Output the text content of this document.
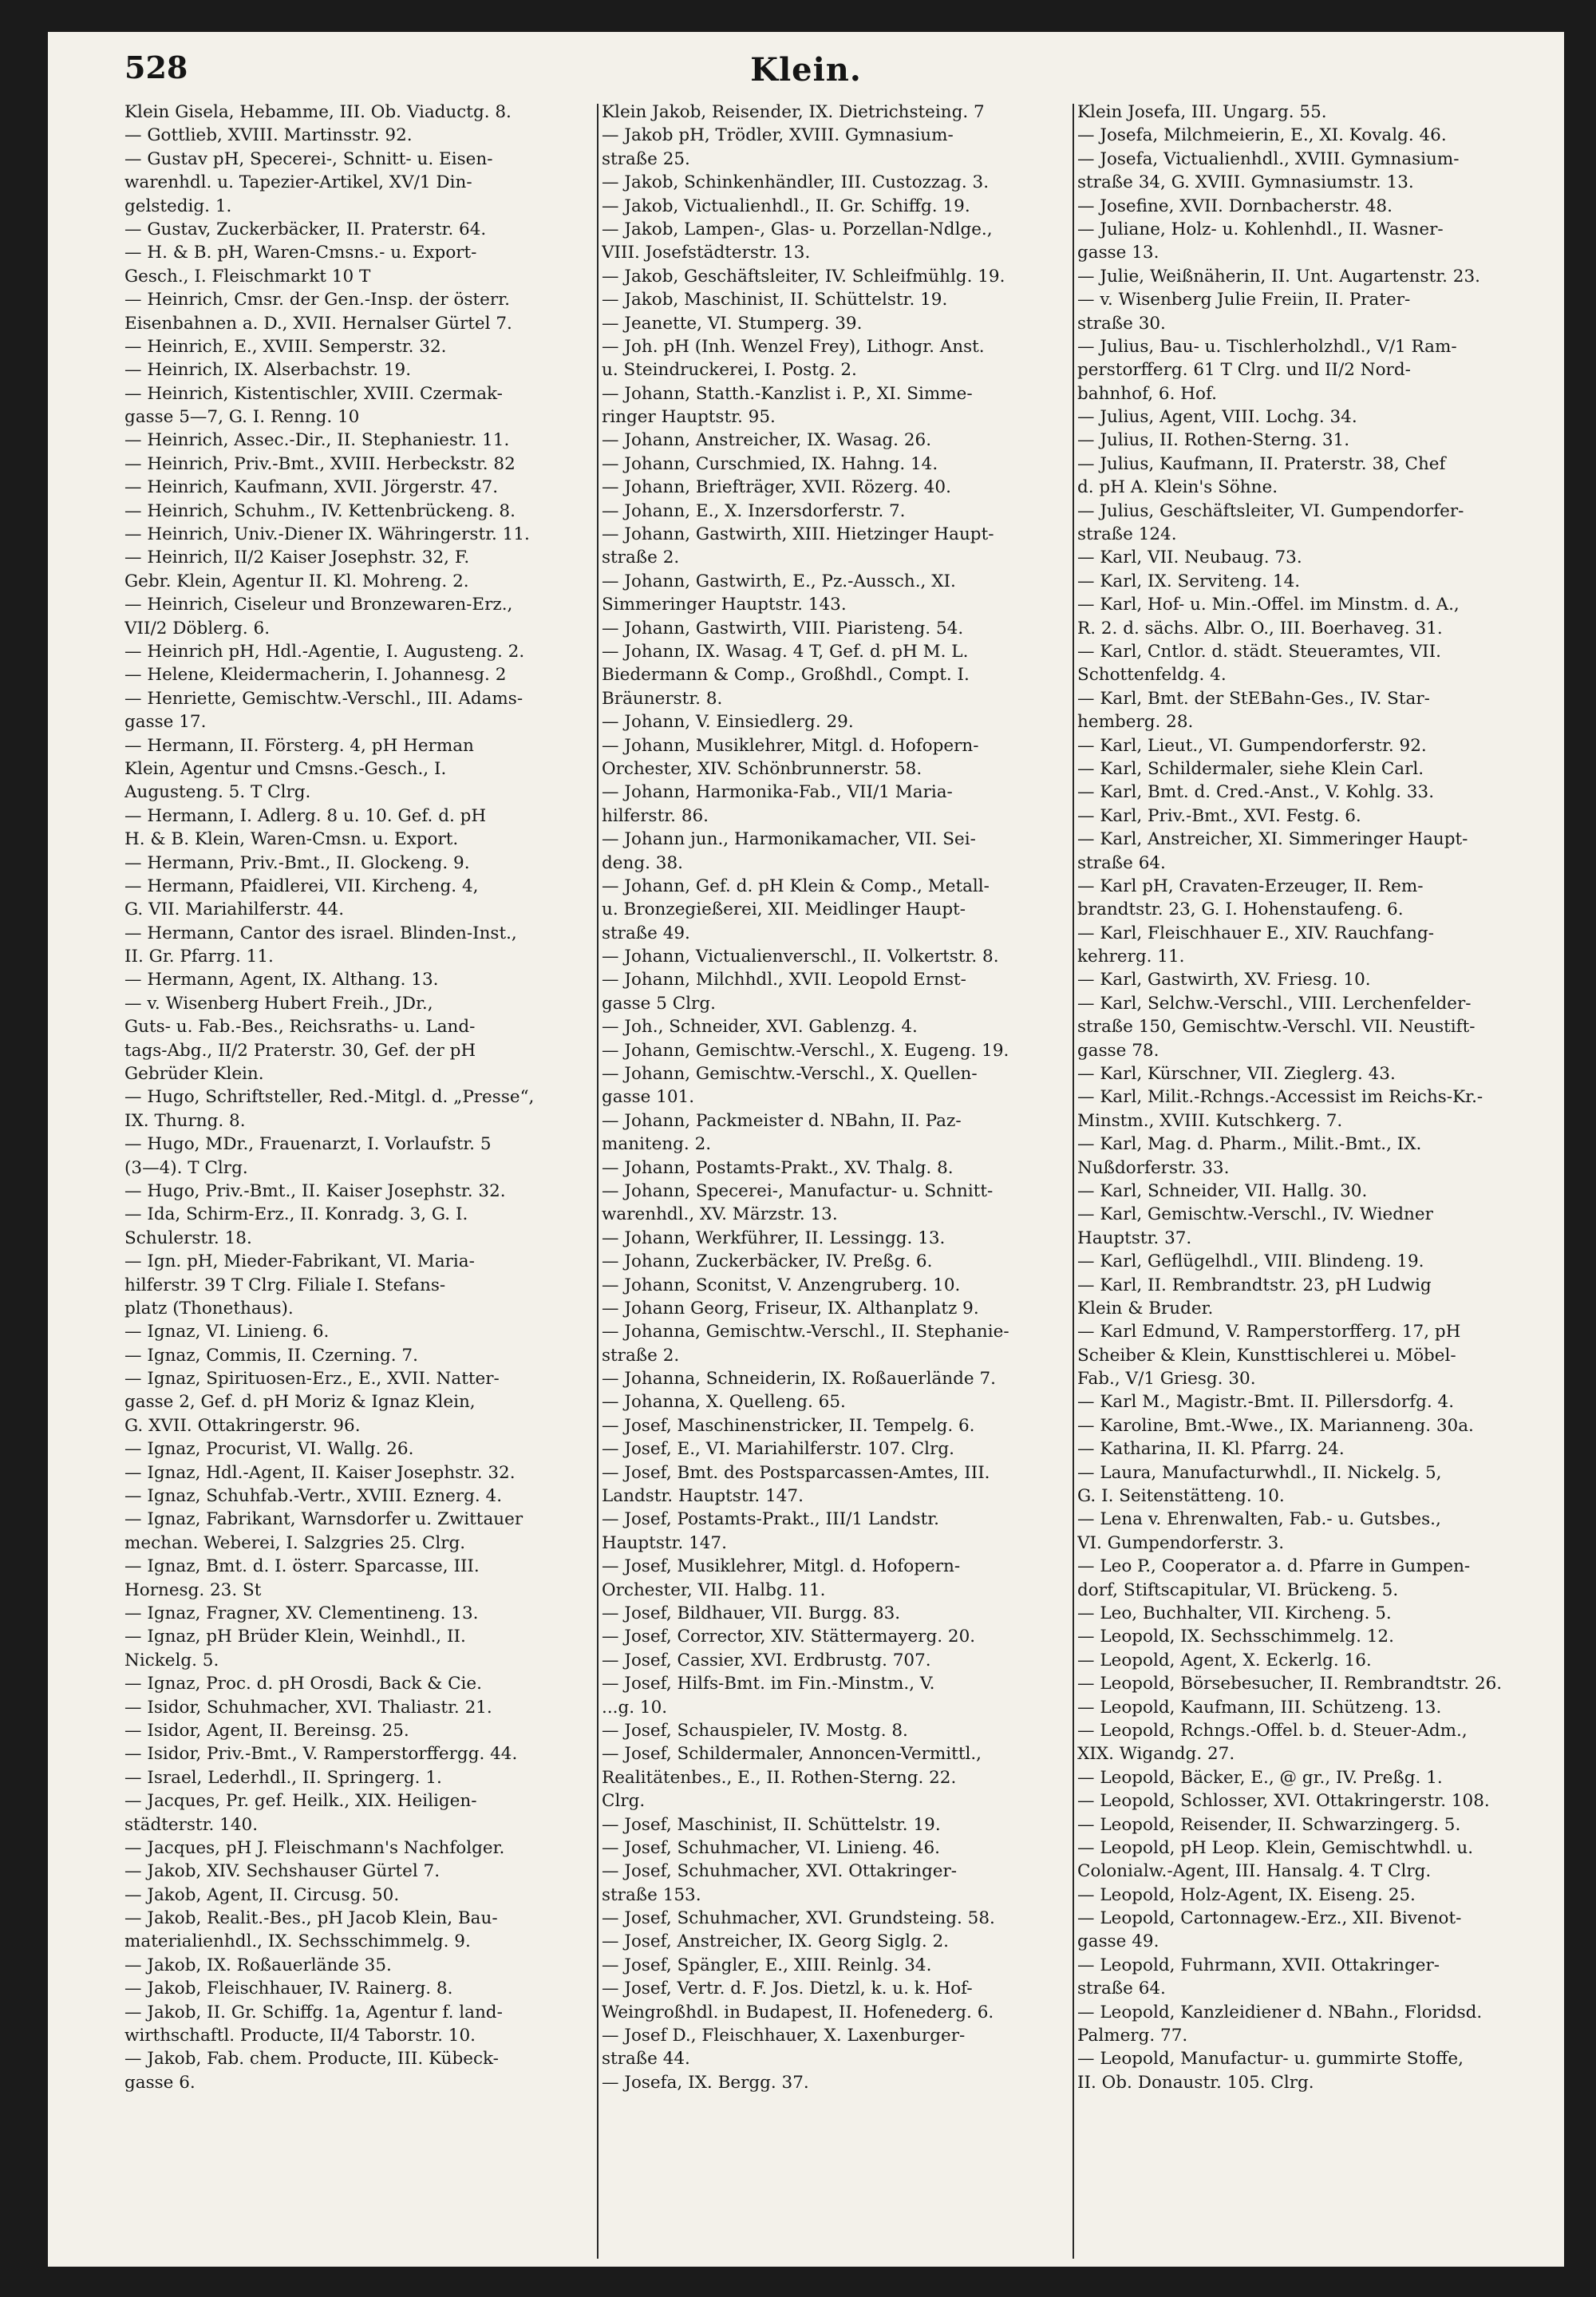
528	Klein.
Klein Gisela, Hebamme, III. Ob. Viaductg. 8.
— Gottlieb, XVIII. Martinsstr. 92.
— Gustav pH, Specerei-, Schnitt- u. Eisen-
warenhdl. u. Tapezier-Artikel, XV/1 Din-
gelstedig. 1.
— Gustav, Zuckerbäcker, II. Praterstr. 64.
— H. & B. pH, Waren-Cmsns.- u. Export-
Gesch., I. Fleischmarkt 10 T
— Heinrich, Cmsr. der Gen.-Insp. der österr.
Eisenbahnen a. D., XVII. Hernalser Gürtel 7.
— Heinrich, E., XVIII. Semperstr. 32.
— Heinrich, IX. Alserbachstr. 19.
— Heinrich, Kistentischler, XVIII. Czermak-
gasse 5—7, G. I. Renng. 10
— Heinrich, Assec.-Dir., II. Stephaniestr. 11.
— Heinrich, Priv.-Bmt., XVIII. Herbeckstr. 82
— Heinrich, Kaufmann, XVII. Jörgerstr. 47.
— Heinrich, Schuhm., IV. Kettenbrückeng. 8.
— Heinrich, Univ.-Diener IX. Währingerstr. 11.
— Heinrich, II/2 Kaiser Josephstr. 32, F.
Gebr. Klein, Agentur II. Kl. Mohreng. 2.
— Heinrich, Ciseleur und Bronzewaren-Erz.,
VII/2 Döblerg. 6.
— Heinrich pH, Hdl.-Agentie, I. Augusteng. 2.
— Helene, Kleidermacherin, I. Johannesg. 2
— Henriette, Gemischtw.-Verschl., III. Adams-
gasse 17.
— Hermann, II. Försterg. 4, pH Herman
Klein, Agentur und Cmsns.-Gesch., I.
Augusteng. 5. T Clrg.
— Hermann, I. Adlerg. 8 u. 10. Gef. d. pH
H. & B. Klein, Waren-Cmsn. u. Export.
— Hermann, Priv.-Bmt., II. Glockeng. 9.
— Hermann, Pfaidlerei, VII. Kircheng. 4,
G. VII. Mariahilferstr. 44.
— Hermann, Cantor des israel. Blinden-Inst.,
II. Gr. Pfarrg. 11.
— Hermann, Agent, IX. Althang. 13.
— v. Wisenberg Hubert Freih., JDr.,
Guts- u. Fab.-Bes., Reichsraths- u. Land-
tags-Abg., II/2 Praterstr. 30, Gef. der pH
Gebrüder Klein.
— Hugo, Schriftsteller, Red.-Mitgl. d. „Presse“,
IX. Thurng. 8.
— Hugo, MDr., Frauenarzt, I. Vorlaufstr. 5
(3—4). T Clrg.
— Hugo, Priv.-Bmt., II. Kaiser Josephstr. 32.
— Ida, Schirm-Erz., II. Konradg. 3, G. I.
Schulerstr. 18.
— Ign. pH, Mieder-Fabrikant, VI. Maria-
hilferstr. 39 T Clrg. Filiale I. Stefans-
platz (Thonethaus).
— Ignaz, VI. Linieng. 6.
— Ignaz, Commis, II. Czerning. 7.
— Ignaz, Spirituosen-Erz., E., XVII. Natter-
gasse 2, Gef. d. pH Moriz & Ignaz Klein,
G. XVII. Ottakringerstr. 96.
— Ignaz, Procurist, VI. Wallg. 26.
— Ignaz, Hdl.-Agent, II. Kaiser Josephstr. 32.
— Ignaz, Schuhfab.-Vertr., XVIII. Eznerg. 4.
— Ignaz, Fabrikant, Warnsdorfer u. Zwittauer
mechan. Weberei, I. Salzgries 25. Clrg.
— Ignaz, Bmt. d. I. österr. Sparcasse, III.
Hornesg. 23. St
— Ignaz, Fragner, XV. Clementineng. 13.
— Ignaz, pH Brüder Klein, Weinhdl., II.
Nickelg. 5.
— Ignaz, Proc. d. pH Orosdi, Back & Cie.
— Isidor, Schuhmacher, XVI. Thaliastr. 21.
— Isidor, Agent, II. Bereinsg. 25.
— Isidor, Priv.-Bmt., V. Ramperstorffergg. 44.
— Israel, Lederhdl., II. Springerg. 1.
— Jacques, Pr. gef. Heilk., XIX. Heiligen-
städterstr. 140.
— Jacques, pH J. Fleischmann's Nachfolger.
— Jakob, XIV. Sechshauser Gürtel 7.
— Jakob, Agent, II. Circusg. 50.
— Jakob, Realit.-Bes., pH Jacob Klein, Bau-
materialienhdl., IX. Sechsschimmelg. 9.
— Jakob, IX. Roßauerlände 35.
— Jakob, Fleischhauer, IV. Rainerg. 8.
— Jakob, II. Gr. Schiffg. 1a, Agentur f. land-
wirthschaftl. Producte, II/4 Taborstr. 10.
— Jakob, Fab. chem. Producte, III. Kübeck-
gasse 6.
Klein Jakob, Reisender, IX. Dietrichsteing. 7
— Jakob pH, Trödler, XVIII. Gymnasium-
straße 25.
— Jakob, Schinkenhändler, III. Custozzag. 3.
— Jakob, Victualienhdl., II. Gr. Schiffg. 19.
— Jakob, Lampen-, Glas- u. Porzellan-Ndlge.,
VIII. Josefstädterstr. 13.
— Jakob, Geschäftsleiter, IV. Schleifmühlg. 19.
— Jakob, Maschinist, II. Schüttelstr. 19.
— Jeanette, VI. Stumperg. 39.
— Joh. pH (Inh. Wenzel Frey), Lithogr. Anst.
u. Steindruckerei, I. Postg. 2.
— Johann, Statth.-Kanzlist i. P., XI. Simme-
ringer Hauptstr. 95.
— Johann, Anstreicher, IX. Wasag. 26.
— Johann, Curschmied, IX. Hahng. 14.
— Johann, Briefträger, XVII. Rözerg. 40.
— Johann, E., X. Inzersdorferstr. 7.
— Johann, Gastwirth, XIII. Hietzinger Haupt-
straße 2.
— Johann, Gastwirth, E., Pz.-Aussch., XI.
Simmeringer Hauptstr. 143.
— Johann, Gastwirth, VIII. Piaristeng. 54.
— Johann, IX. Wasag. 4 T, Gef. d. pH M. L.
Biedermann & Comp., Großhdl., Compt. I.
Bräunerstr. 8.
— Johann, V. Einsiedlerg. 29.
— Johann, Musiklehrer, Mitgl. d. Hofopern-
Orchester, XIV. Schönbrunnerstr. 58.
— Johann, Harmonika-Fab., VII/1 Maria-
hilferstr. 86.
— Johann jun., Harmonikamacher, VII. Sei-
deng. 38.
— Johann, Gef. d. pH Klein & Comp., Metall-
u. Bronzegießerei, XII. Meidlinger Haupt-
straße 49.
— Johann, Victualienverschl., II. Volkertstr. 8.
— Johann, Milchhdl., XVII. Leopold Ernst-
gasse 5 Clrg.
— Joh., Schneider, XVI. Gablenzg. 4.
— Johann, Gemischtw.-Verschl., X. Eugeng. 19.
— Johann, Gemischtw.-Verschl., X. Quellen-
gasse 101.
— Johann, Packmeister d. NBahn, II. Paz-
maniteng. 2.
— Johann, Postamts-Prakt., XV. Thalg. 8.
— Johann, Specerei-, Manufactur- u. Schnitt-
warenhdl., XV. Märzstr. 13.
— Johann, Werkführer, II. Lessingg. 13.
— Johann, Zuckerbäcker, IV. Preßg. 6.
— Johann, Sconitst, V. Anzengruberg. 10.
— Johann Georg, Friseur, IX. Althanplatz 9.
— Johanna, Gemischtw.-Verschl., II. Stephanie-
straße 2.
— Johanna, Schneiderin, IX. Roßauerlände 7.
— Johanna, X. Quelleng. 65.
— Josef, Maschinenstricker, II. Tempelg. 6.
— Josef, E., VI. Mariahilferstr. 107. Clrg.
— Josef, Bmt. des Postsparcassen-Amtes, III.
Landstr. Hauptstr. 147.
— Josef, Postamts-Prakt., III/1 Landstr.
Hauptstr. 147.
— Josef, Musiklehrer, Mitgl. d. Hofopern-
Orchester, VII. Halbg. 11.
— Josef, Bildhauer, VII. Burgg. 83.
— Josef, Corrector, XIV. Stättermayerg. 20.
— Josef, Cassier, XVI. Erdbrustg. 707.
— Josef, Hilfs-Bmt. im Fin.-Minstm., V.
...g. 10.
— Josef, Schauspieler, IV. Mostg. 8.
— Josef, Schildermaler, Annoncen-Vermittl.,
Realitätenbes., E., II. Rothen-Sterng. 22.
Clrg.
— Josef, Maschinist, II. Schüttelstr. 19.
— Josef, Schuhmacher, VI. Linieng. 46.
— Josef, Schuhmacher, XVI. Ottakringer-
straße 153.
— Josef, Schuhmacher, XVI. Grundsteing. 58.
— Josef, Anstreicher, IX. Georg Siglg. 2.
— Josef, Spängler, E., XIII. Reinlg. 34.
— Josef, Vertr. d. F. Jos. Dietzl, k. u. k. Hof-
Weingroßhdl. in Budapest, II. Hofenederg. 6.
— Josef D., Fleischhauer, X. Laxenburger-
straße 44.
— Josefa, IX. Bergg. 37.
Klein Josefa, III. Ungarg. 55.
— Josefa, Milchmeierin, E., XI. Kovalg. 46.
— Josefa, Victualienhdl., XVIII. Gymnasium-
straße 34, G. XVIII. Gymnasiumstr. 13.
— Josefine, XVII. Dornbacherstr. 48.
— Juliane, Holz- u. Kohlenhdl., II. Wasner-
gasse 13.
— Julie, Weißnäherin, II. Unt. Augartenstr. 23.
— v. Wisenberg Julie Freiin, II. Prater-
straße 30.
— Julius, Bau- u. Tischlerholzhdl., V/1 Ram-
perstorfferg. 61 T Clrg. und II/2 Nord-
bahnhof, 6. Hof.
— Julius, Agent, VIII. Lochg. 34.
— Julius, II. Rothen-Sterng. 31.
— Julius, Kaufmann, II. Praterstr. 38, Chef
d. pH A. Klein's Söhne.
— Julius, Geschäftsleiter, VI. Gumpendorfer-
straße 124.
— Karl, VII. Neubaug. 73.
— Karl, IX. Serviteng. 14.
— Karl, Hof- u. Min.-Offel. im Minstm. d. A.,
R. 2. d. sächs. Albr. O., III. Boerhaveg. 31.
— Karl, Cntlor. d. städt. Steueramtes, VII.
Schottenfeldg. 4.
— Karl, Bmt. der StEBahn-Ges., IV. Star-
hemberg. 28.
— Karl, Lieut., VI. Gumpendorferstr. 92.
— Karl, Schildermaler, siehe Klein Carl.
— Karl, Bmt. d. Cred.-Anst., V. Kohlg. 33.
— Karl, Priv.-Bmt., XVI. Festg. 6.
— Karl, Anstreicher, XI. Simmeringer Haupt-
straße 64.
— Karl pH, Cravaten-Erzeuger, II. Rem-
brandtstr. 23, G. I. Hohenstaufeng. 6.
— Karl, Fleischhauer E., XIV. Rauchfang-
kehrerg. 11.
— Karl, Gastwirth, XV. Friesg. 10.
— Karl, Selchw.-Verschl., VIII. Lerchenfelder-
straße 150, Gemischtw.-Verschl. VII. Neustift-
gasse 78.
— Karl, Kürschner, VII. Zieglerg. 43.
— Karl, Milit.-Rchngs.-Accessist im Reichs-Kr.-
Minstm., XVIII. Kutschkerg. 7.
— Karl, Mag. d. Pharm., Milit.-Bmt., IX.
Nußdorferstr. 33.
— Karl, Schneider, VII. Hallg. 30.
— Karl, Gemischtw.-Verschl., IV. Wiedner
Hauptstr. 37.
— Karl, Geflügelhdl., VIII. Blindeng. 19.
— Karl, II. Rembrandtstr. 23, pH Ludwig
Klein & Bruder.
— Karl Edmund, V. Ramperstorfferg. 17, pH
Scheiber & Klein, Kunsttischlerei u. Möbel-
Fab., V/1 Griesg. 30.
— Karl M., Magistr.-Bmt. II. Pillersdorfg. 4.
— Karoline, Bmt.-Wwe., IX. Marianneng. 30a.
— Katharina, II. Kl. Pfarrg. 24.
— Laura, Manufacturwhdl., II. Nickelg. 5,
G. I. Seitenstätteng. 10.
— Lena v. Ehrenwalten, Fab.- u. Gutsbes.,
VI. Gumpendorferstr. 3.
— Leo P., Cooperator a. d. Pfarre in Gumpen-
dorf, Stiftscapitular, VI. Brückeng. 5.
— Leo, Buchhalter, VII. Kircheng. 5.
— Leopold, IX. Sechsschimmelg. 12.
— Leopold, Agent, X. Eckerlg. 16.
— Leopold, Börsebesucher, II. Rembrandtstr. 26.
— Leopold, Kaufmann, III. Schützeng. 13.
— Leopold, Rchngs.-Offel. b. d. Steuer-Adm.,
XIX. Wigandg. 27.
— Leopold, Bäcker, E., @ gr., IV. Preßg. 1.
— Leopold, Schlosser, XVI. Ottakringerstr. 108.
— Leopold, Reisender, II. Schwarzingerg. 5.
— Leopold, pH Leop. Klein, Gemischtwhdl. u.
Colonialw.-Agent, III. Hansalg. 4. T Clrg.
— Leopold, Holz-Agent, IX. Eiseng. 25.
— Leopold, Cartonnagew.-Erz., XII. Bivenot-
gasse 49.
— Leopold, Fuhrmann, XVII. Ottakringer-
straße 64.
— Leopold, Kanzleidiener d. NBahn., Floridsd.
Palmerg. 77.
— Leopold, Manufactur- u. gummirte Stoffe,
II. Ob. Donaustr. 105. Clrg.
